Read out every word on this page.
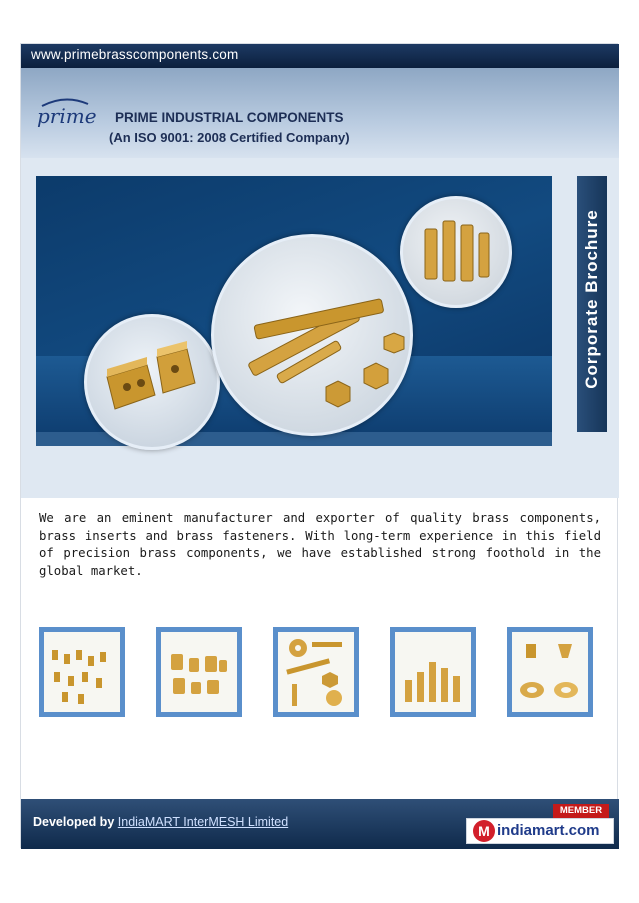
www.primebrasscomponents.com
prime PRIME INDUSTRIAL COMPONENTS
(An ISO 9001: 2008 Certified Company)
Corporate Brochure
We are an eminent manufacturer and exporter of quality brass components, brass inserts and brass fasteners. With long-term experience in this field of precision brass components, we have established strong foothold in the global market.
Developed by IndiaMART InterMESH Limited
MEMBER
M indiamart.com
